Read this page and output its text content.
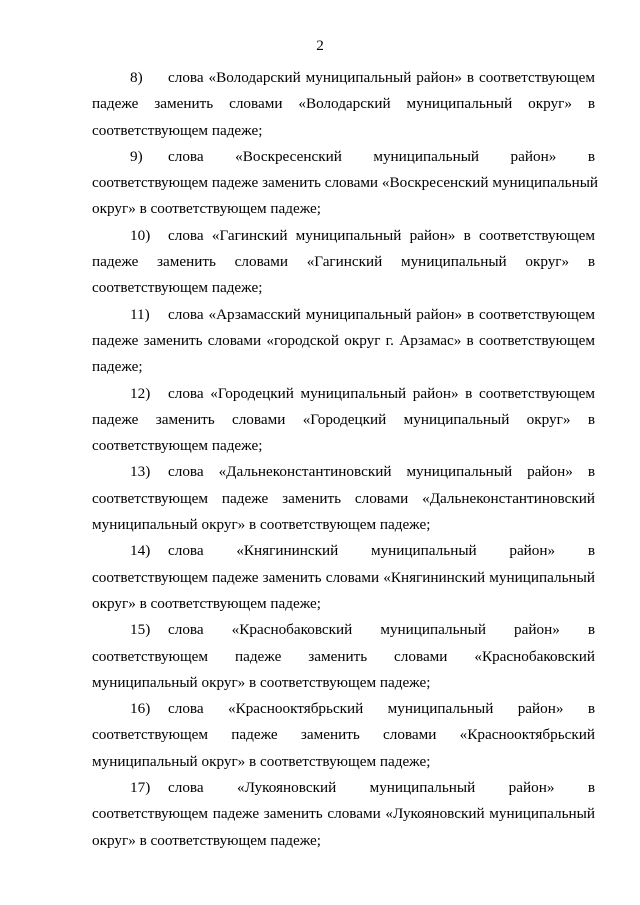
2
8) слова «Володарский муниципальный район» в соответствующем
падеже заменить словами «Володарский муниципальный округ» в
соответствующем падеже;
9) слова «Воскресенский муниципальный район» в
соответствующем падеже заменить словами «Воскресенский муниципальный
округ» в соответствующем падеже;
10) слова «Гагинский муниципальный район» в соответствующем
падеже заменить словами «Гагинский муниципальный округ» в
соответствующем падеже;
11) слова «Арзамасский муниципальный район» в соответствующем
падеже заменить словами «городской округ г. Арзамас» в соответствующем
падеже;
12) слова «Городецкий муниципальный район» в соответствующем
падеже заменить словами «Городецкий муниципальный округ» в
соответствующем падеже;
13) слова «Дальнеконстантиновский муниципальный район» в
соответствующем падеже заменить словами «Дальнеконстантиновский
муниципальный округ» в соответствующем падеже;
14) слова «Княгининский муниципальный район» в
соответствующем падеже заменить словами «Княгининский муниципальный
округ» в соответствующем падеже;
15) слова «Краснобаковский муниципальный район» в
соответствующем падеже заменить словами «Краснобаковский
муниципальный округ» в соответствующем падеже;
16) слова «Краснооктябрьский муниципальный район» в
соответствующем падеже заменить словами «Краснооктябрьский
муниципальный округ» в соответствующем падеже;
17) слова «Лукояновский муниципальный район» в
соответствующем падеже заменить словами «Лукояновский муниципальный
округ» в соответствующем падеже;
